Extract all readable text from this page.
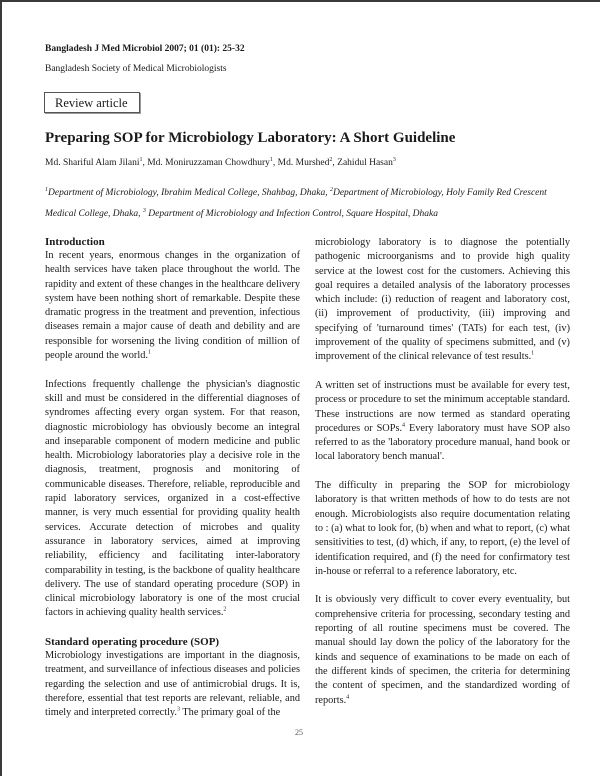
Bangladesh J Med Microbiol 2007; 01 (01): 25-32
Bangladesh Society of Medical Microbiologists
Review article
Preparing SOP for Microbiology Laboratory: A Short Guideline
Md. Shariful Alam Jilani$^1$, Md. Moniruzzaman Chowdhury$^1$, Md. Murshed$^2$, Zahidul Hasan$^3$
$^1$Department of Microbiology, Ibrahim Medical College, Shahbag, Dhaka, $^2$Department of Microbiology, Holy Family Red Crescent Medical College, Dhaka, $^3$ Department of Microbiology and Infection Control, Square Hospital, Dhaka
Introduction

In recent years, enormous changes in the organization of health services have taken place throughout the world. The rapidity and extent of these changes in the healthcare delivery system have been nothing short of remarkable. Despite these dramatic progress in the treatment and prevention, infectious diseases remain a major cause of death and debility and are responsible for worsening the living condition of million of people around the world.$^1$

Infections frequently challenge the physician's diagnostic skill and must be considered in the differential diagnoses of syndromes affecting every organ system. For that reason, diagnostic microbiology has obviously become an integral and inseparable component of modern medicine and public health. Microbiology laboratories play a decisive role in the diagnosis, treatment, prognosis and monitoring of communicable diseases. Therefore, reliable, reproducible and rapid laboratory services, organized in a cost-effective manner, is very much essential for providing quality health services. Accurate detection of microbes and quality assurance in laboratory services, aimed at improving reliability, efficiency and facilitating inter-laboratory comparability in testing, is the backbone of quality healthcare delivery. The use of standard operating procedure (SOP) in clinical microbiology laboratory is one of the most crucial factors in achieving quality health services.$^2$

Standard operating procedure (SOP)

Microbiology investigations are important in the diagnosis, treatment, and surveillance of infectious diseases and policies regarding the selection and use of antimicrobial drugs. It is, therefore, essential that test reports are relevant, reliable, and timely and interpreted correctly.$^3$ The primary goal of the

microbiology laboratory is to diagnose the potentially pathogenic microorganisms and to provide high quality service at the lowest cost for the customers. Achieving this goal requires a detailed analysis of the laboratory processes which include: (i) reduction of reagent and laboratory cost, (ii) improvement of productivity, (iii) improving and specifying of 'turnaround times' (TATs) for each test, (iv) improvement of the quality of specimens submitted, and (v) improvement of the clinical relevance of test results.$^1$

A written set of instructions must be available for every test, process or procedure to set the minimum acceptable standard. These instructions are now termed as standard operating procedures or SOPs.$^4$ Every laboratory must have SOP also referred to as the 'laboratory procedure manual, hand book or local laboratory bench manual'.

The difficulty in preparing the SOP for microbiology laboratory is that written methods of how to do tests are not enough. Microbiologists also require documentation relating to : (a) what to look for, (b) when and what to report, (c) what sensitivities to test, (d) which, if any, to report, (e) the level of identification required, and (f) the need for confirmatory test in-house or referral to a reference laboratory, etc.

It is obviously very difficult to cover every eventuality, but comprehensive criteria for processing, secondary testing and reporting of all routine specimens must be covered. The manual should lay down the policy of the laboratory for the kinds and sequence of examinations to be made on each of the different kinds of specimen, the criteria for determining the content of specimen, and the standardized wording of reports.$^4$

25
